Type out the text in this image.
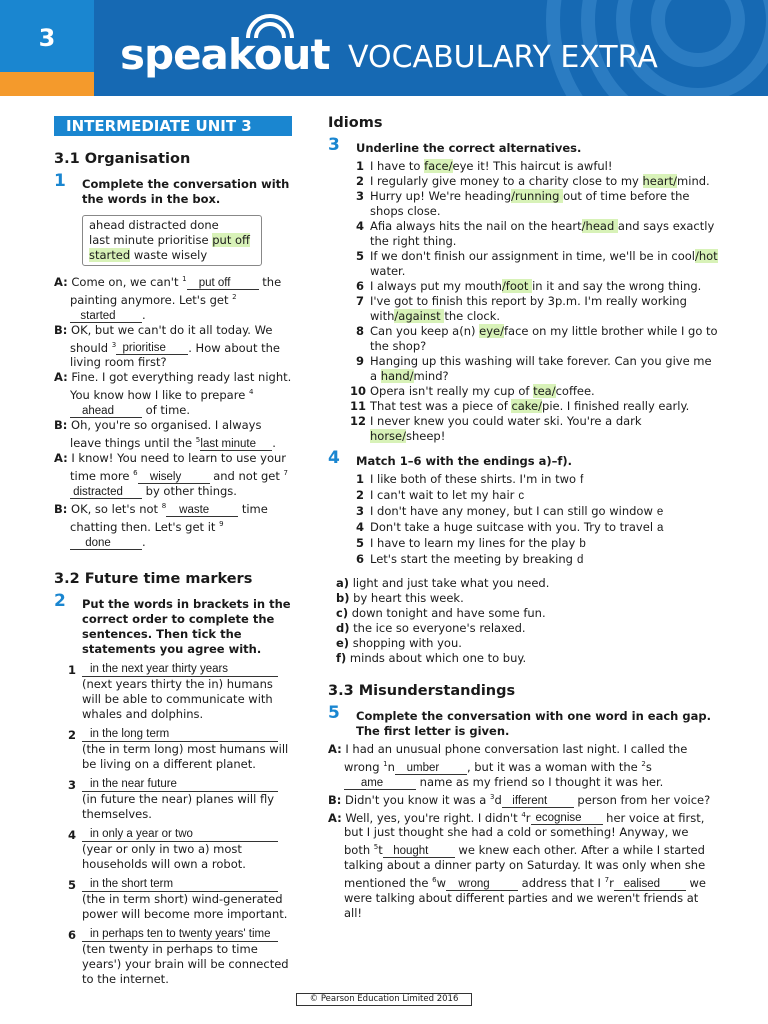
3	speakout VOCABULARY EXTRA
INTERMEDIATE UNIT 3
3.1 Organisation
1 Complete the conversation with the words in the box.
ahead distracted done
last minute prioritise put off
started waste wisely
A: Come on, we can't $^1$ put off the painting anymore. Let's get $^2$started .
B: OK, but we can't do it all today. We should $^3$ prioritise . How about the living room first?
A: Fine. I got everything ready last night. You know how I like to prepare $^4$ahead of time.
B: Oh, you're so organised. I always leave things until the $^5$last minute .
A: I know! You need to learn to use your time more $^6$ wisely and not get $^7$distracted by other things.
B: OK, so let's not $^8$ waste	time chatting then. Let's get it $^9$done	.
3.2 Future time markers
2 Put the words in brackets in the correct order to complete the sentences. Then tick the statements you agree with.
1	in the next year thirty years
(next years thirty the in) humans will be able to communicate with whales and dolphins.
2	in the long term
(the in term long) most humans will be living on a different planet.
3	in the near future
(in future the near) planes will fly themselves.
4	in only a year or two
(year or only in two a) most households will own a robot.
5	in the short term
(the in term short) wind-generated power will become more important.
6	in perhaps ten to twenty years' time
(ten twenty in perhaps to time years') your brain will be connected to the internet.
Idioms
3 Underline the correct alternatives.
1 I have to face/eye it! This haircut is awful!
2 I regularly give money to a charity close to my heart/mind.
3 Hurry up! We're heading/running out of time before the shops close.
4 Afia always hits the nail on the heart/head and says exactly the right thing.
5 If we don't finish our assignment in time, we'll be in cool/hot water.
6 I always put my mouth/foot in it and say the wrong thing.
7 I've got to finish this report by 3p.m. I'm really working with/against the clock.
8 Can you keep a(n) eye/face on my little brother while I go to the shop?
9 Hanging up this washing will take forever. Can you give me a hand/mind?
10 Opera isn't really my cup of tea/coffee.
11 That test was a piece of cake/pie. I finished really early.
12 I never knew you could water ski. You're a dark horse/sheep!
4 Match 1–6 with the endings a)–f).
1 I like both of these shirts. I'm in two f
2 I can't wait to let my hair c
3 I don't have any money, but I can still go window e
4 Don't take a huge suitcase with you. Try to travel a
5 I have to learn my lines for the play b
6 Let's start the meeting by breaking d
a) light and just take what you need.
b) by heart this week.
c) down tonight and have some fun.
d) the ice so everyone's relaxed.
e) shopping with you.
f) minds about which one to buy.
3.3 Misunderstandings
5 Complete the conversation with one word in each gap. The first letter is given.
A: I had an unusual phone conversation last night. I called the wrong $^1$n umber , but it was a woman with the $^2$same	name as my friend so I thought it was her.
B: Didn't you know it was a $^3$d ifferent person from her voice?
A: Well, yes, you're right. I didn't $^4$r ecognise her voice at first, but I just thought she had a cold or something! Anyway, we both $^5$t hought we knew each other. After a while I started talking about a dinner party on Saturday. It was only when she mentioned the $^6$w wrong address that I $^7$r ealised we were talking about different parties and we weren't friends at all!
© Pearson Education Limited 2016
